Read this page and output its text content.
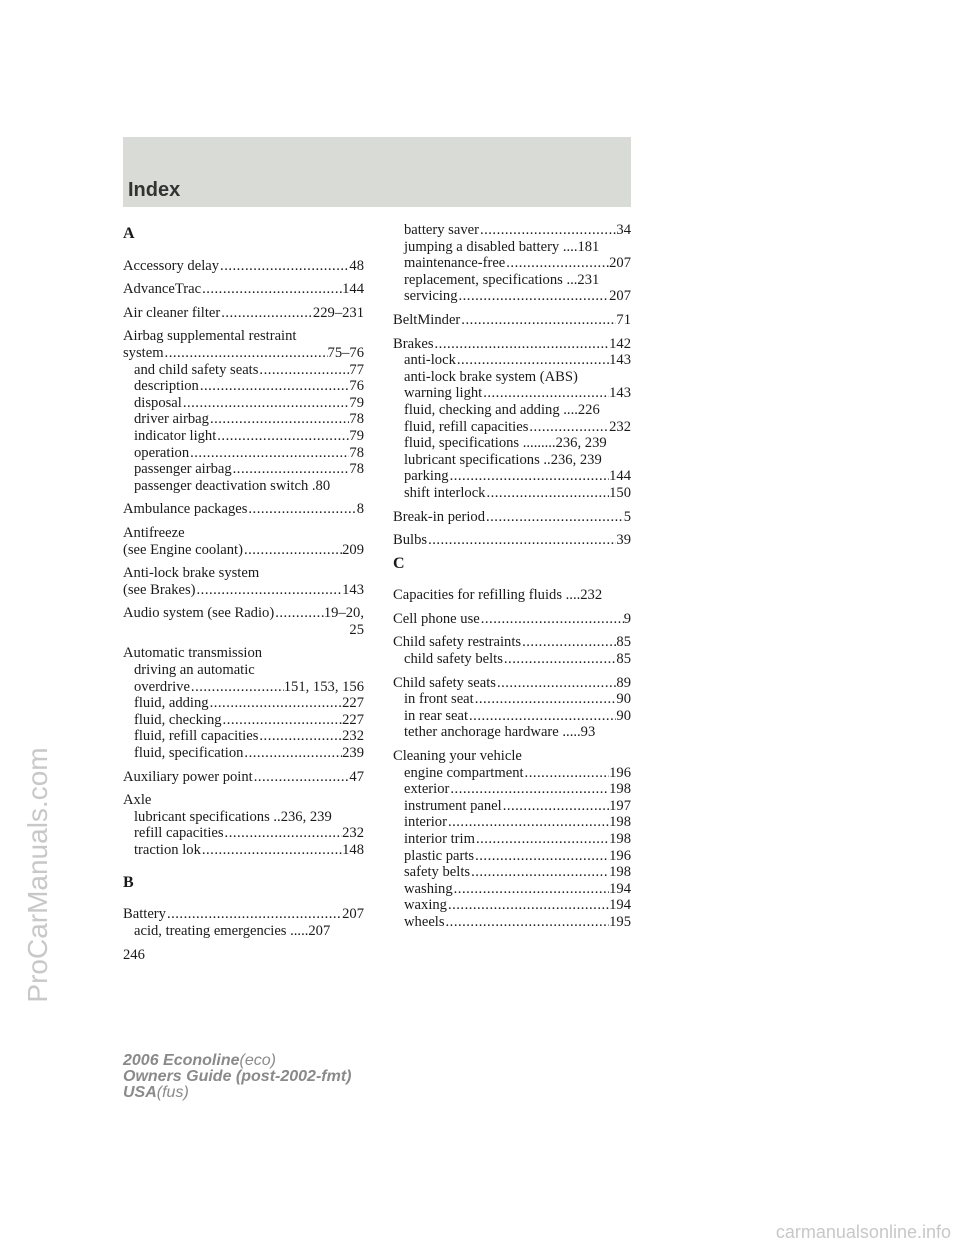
Index
A
Accessory delay .....	48
AdvanceTrac .....	144
Air cleaner filter .....	229–231
Airbag supplemental restraint
system .....	75–76
and child safety seats .....	77
description .....	76
disposal .....	79
driver airbag .....	78
indicator light .....	79
operation .....	78
passenger airbag .....	78
passenger deactivation switch .80
Ambulance packages .....	8
Antifreeze
(see Engine coolant) .....	209
Anti-lock brake system
(see Brakes) .....	143
Audio system (see Radio) .....	19–20,
25
Automatic transmission
driving an automatic
overdrive .....	151, 153, 156
fluid, adding .....	227
fluid, checking .....	227
fluid, refill capacities .....	232
fluid, specification .....	239
Auxiliary power point .....	47
Axle
lubricant specifications ..236, 239
refill capacities .....	232
traction lok .....	148
B
Battery .....	207
acid, treating emergencies .....207
battery saver .....	34
jumping a disabled battery ....181
maintenance-free .....	207
replacement, specifications ...231
servicing .....	207
BeltMinder .....	71
Brakes .....	142
anti-lock .....	143
anti-lock brake system (ABS)
warning light .....	143
fluid, checking and adding ....226
fluid, refill capacities .....	232
fluid, specifications .........236, 239
lubricant specifications ..236, 239
parking .....	144
shift interlock .....	150
Break-in period .....	5
Bulbs .....	39
C
Capacities for refilling fluids ....232
Cell phone use .....	9
Child safety restraints .....	85
child safety belts .....	85
Child safety seats .....	89
in front seat .....	90
in rear seat .....	90
tether anchorage hardware .....93
Cleaning your vehicle
engine compartment .....	196
exterior .....	198
instrument panel .....	197
interior .....	198
interior trim .....	198
plastic parts .....	196
safety belts .....	198
washing .....	194
waxing .....	194
wheels .....	195
246
2006 Econoline(eco)
Owners Guide (post-2002-fmt)
USA(fus)
ProCarManuals.com
carmanualsonline.info
